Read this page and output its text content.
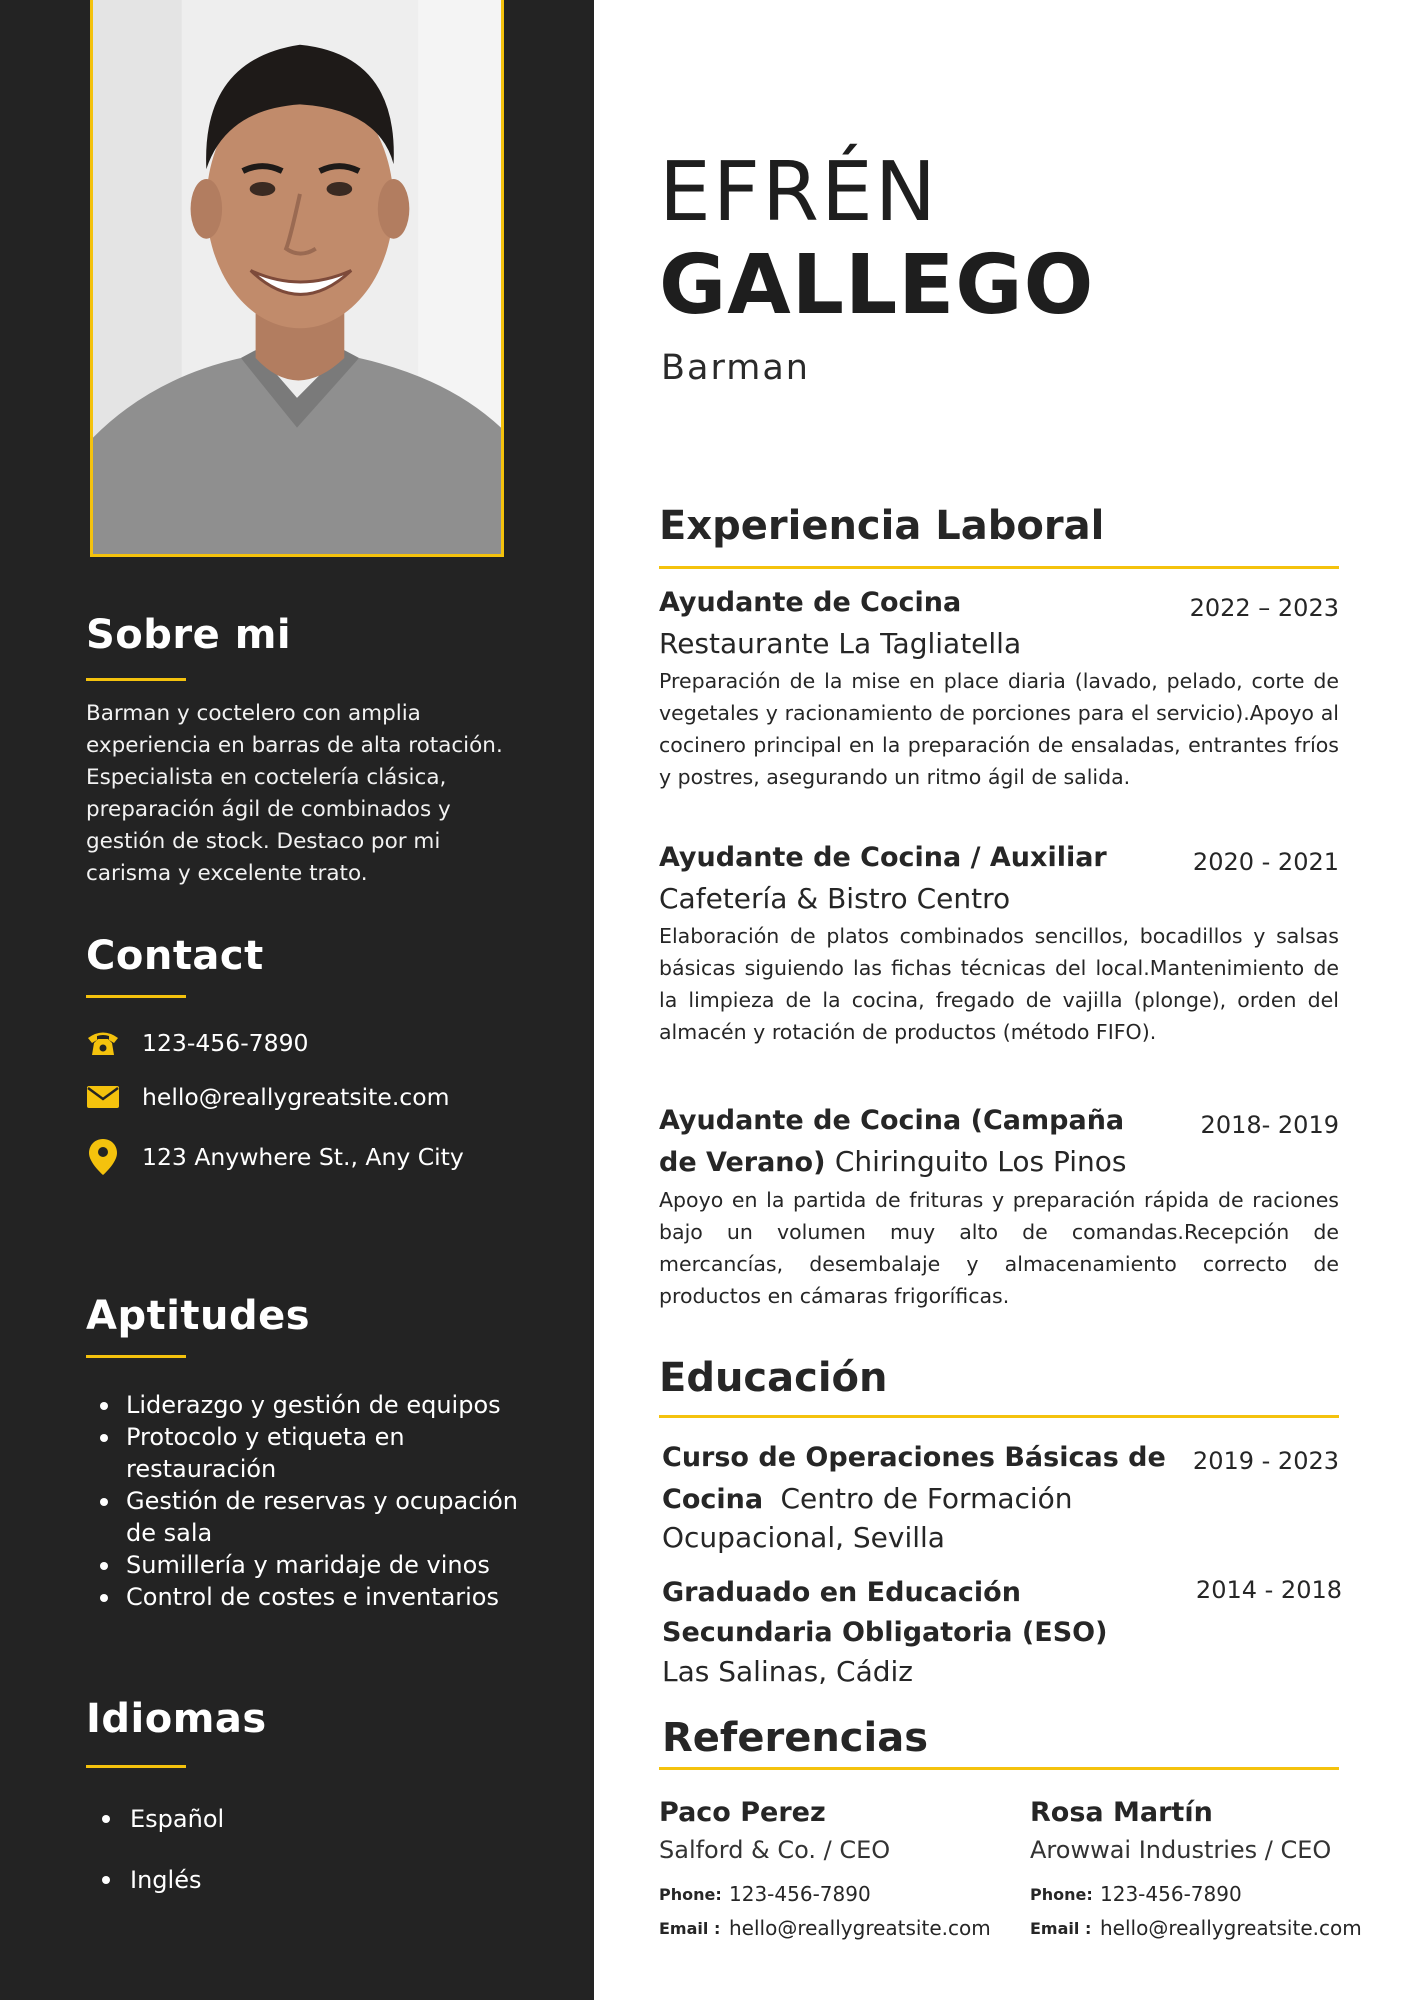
Sobre mi

Barman y coctelero con amplia experiencia en barras de alta rotación. Especialista en coctelería clásica, preparación ágil de combinados y gestión de stock. Destaco por mi carisma y excelente trato.

Contact
123-456-7890
hello@reallygreatsite.com
123 Anywhere St., Any City
Aptitudes
Liderazgo y gestión de equipos
Protocolo y etiqueta en restauración
Gestión de reservas y ocupación de sala
Sumillería y maridaje de vinos
Control de costes e inventarios
Idiomas
Español
Inglés
EFRÉN
GALLEGO
Barman
Experiencia Laboral
Ayudante de Cocina	2022 – 2023
Restaurante La Tagliatella

Preparación de la mise en place diaria (lavado, pelado, corte de vegetales y racionamiento de porciones para el servicio).Apoyo al cocinero principal en la preparación de ensaladas, entrantes fríos y postres, asegurando un ritmo ágil de salida.

Ayudante de Cocina / Auxiliar	2020 - 2021
Cafetería & Bistro Centro

Elaboración de platos combinados sencillos, bocadillos y salsas básicas siguiendo las fichas técnicas del local.Mantenimiento de la limpieza de la cocina, fregado de vajilla (plonge), orden del almacén y rotación de productos (método FIFO).

Ayudante de Cocina (Campaña	2018- 2019
de Verano) Chiringuito Los Pinos

Apoyo en la partida de frituras y preparación rápida de raciones bajo un volumen muy alto de comandas.Recepción de mercancías, desembalaje y almacenamiento correcto de productos en cámaras frigoríficas.

Educación
Curso de Operaciones Básicas de 2019 - 2023
Cocina Centro de Formación
Ocupacional, Sevilla
Graduado en Educación	2014 - 2018
Secundaria Obligatoria (ESO)
Las Salinas, Cádiz
Referencias
Paco Perez
Salford & Co. / CEO
Phone: 123-456-7890
Email : hello@reallygreatsite.com
Rosa Martín
Arowwai Industries / CEO
Phone: 123-456-7890
Email : hello@reallygreatsite.com
